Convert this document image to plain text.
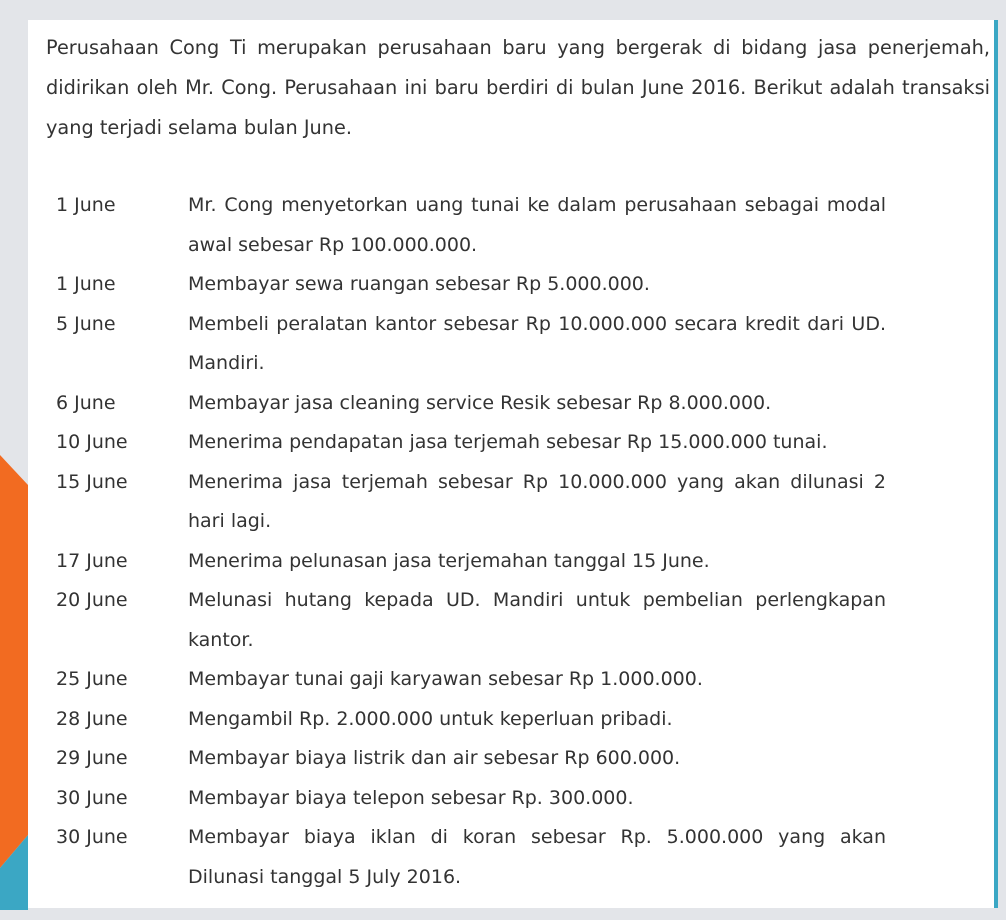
Perusahaan Cong Ti merupakan perusahaan baru yang bergerak di bidang jasa penerjemah, didirikan oleh Mr. Cong. Perusahaan ini baru berdiri di bulan June 2016. Berikut adalah transaksi yang terjadi selama bulan June.

1 June	Mr. Cong menyetorkan uang tunai ke dalam perusahaan sebagai modal awal sebesar Rp 100.000.000.
1 June	Membayar sewa ruangan sebesar Rp 5.000.000.
5 June	Membeli peralatan kantor sebesar Rp 10.000.000 secara kredit dari UD. Mandiri.
6 June	Membayar jasa cleaning service Resik sebesar Rp 8.000.000.
10 June	Menerima pendapatan jasa terjemah sebesar Rp 15.000.000 tunai.
15 June	Menerima jasa terjemah sebesar Rp 10.000.000 yang akan dilunasi 2 hari lagi.
17 June	Menerima pelunasan jasa terjemahan tanggal 15 June.
20 June	Melunasi hutang kepada UD. Mandiri untuk pembelian perlengkapan kantor.
25 June	Membayar tunai gaji karyawan sebesar Rp 1.000.000.
28 June	Mengambil Rp. 2.000.000 untuk keperluan pribadi.
29 June	Membayar biaya listrik dan air sebesar Rp 600.000.
30 June	Membayar biaya telepon sebesar Rp. 300.000.
30 June	Membayar biaya iklan di koran sebesar Rp. 5.000.000 yang akan Dilunasi tanggal 5 July 2016.
